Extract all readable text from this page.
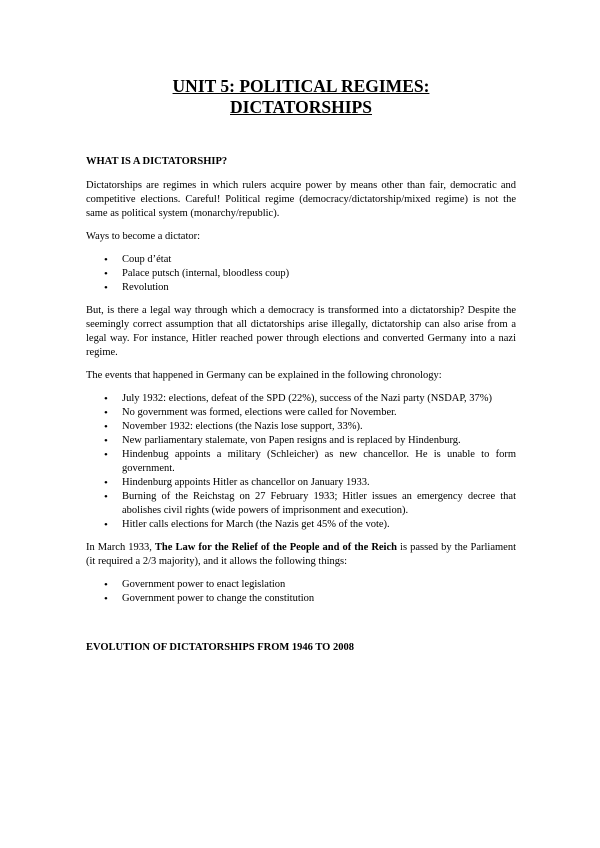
UNIT 5: POLITICAL REGIMES:
DICTATORSHIPS
WHAT IS A DICTATORSHIP?

Dictatorships are regimes in which rulers acquire power by means other than fair, democratic and competitive elections. Careful! Political regime (democracy/dictatorship/mixed regime) is not the same as political system (monarchy/republic).

Ways to become a dictator:

• Coup d’état
• Palace putsch (internal, bloodless coup)
• Revolution

But, is there a legal way through which a democracy is transformed into a dictatorship? Despite the seemingly correct assumption that all dictatorships arise illegally, dictatorship can also arise from a legal way. For instance, Hitler reached power through elections and converted Germany into a nazi regime.

The events that happened in Germany can be explained in the following chronology:

• July 1932: elections, defeat of the SPD (22%), success of the Nazi party (NSDAP, 37%)
• No government was formed, elections were called for November.
• November 1932: elections (the Nazis lose support, 33%).
• New parliamentary stalemate, von Papen resigns and is replaced by Hindenburg.
• Hindenbug appoints a military (Schleicher) as new chancellor. He is unable to form government.
• Hindenburg appoints Hitler as chancellor on January 1933.
• Burning of the Reichstag on 27 February 1933; Hitler issues an emergency decree that abolishes civil rights (wide powers of imprisonment and execution).
• Hitler calls elections for March (the Nazis get 45% of the vote).

In March 1933, The Law for the Relief of the People and of the Reich is passed by the Parliament (it required a 2/3 majority), and it allows the following things:

• Government power to enact legislation
• Government power to change the constitution
EVOLUTION OF DICTATORSHIPS FROM 1946 TO 2008
